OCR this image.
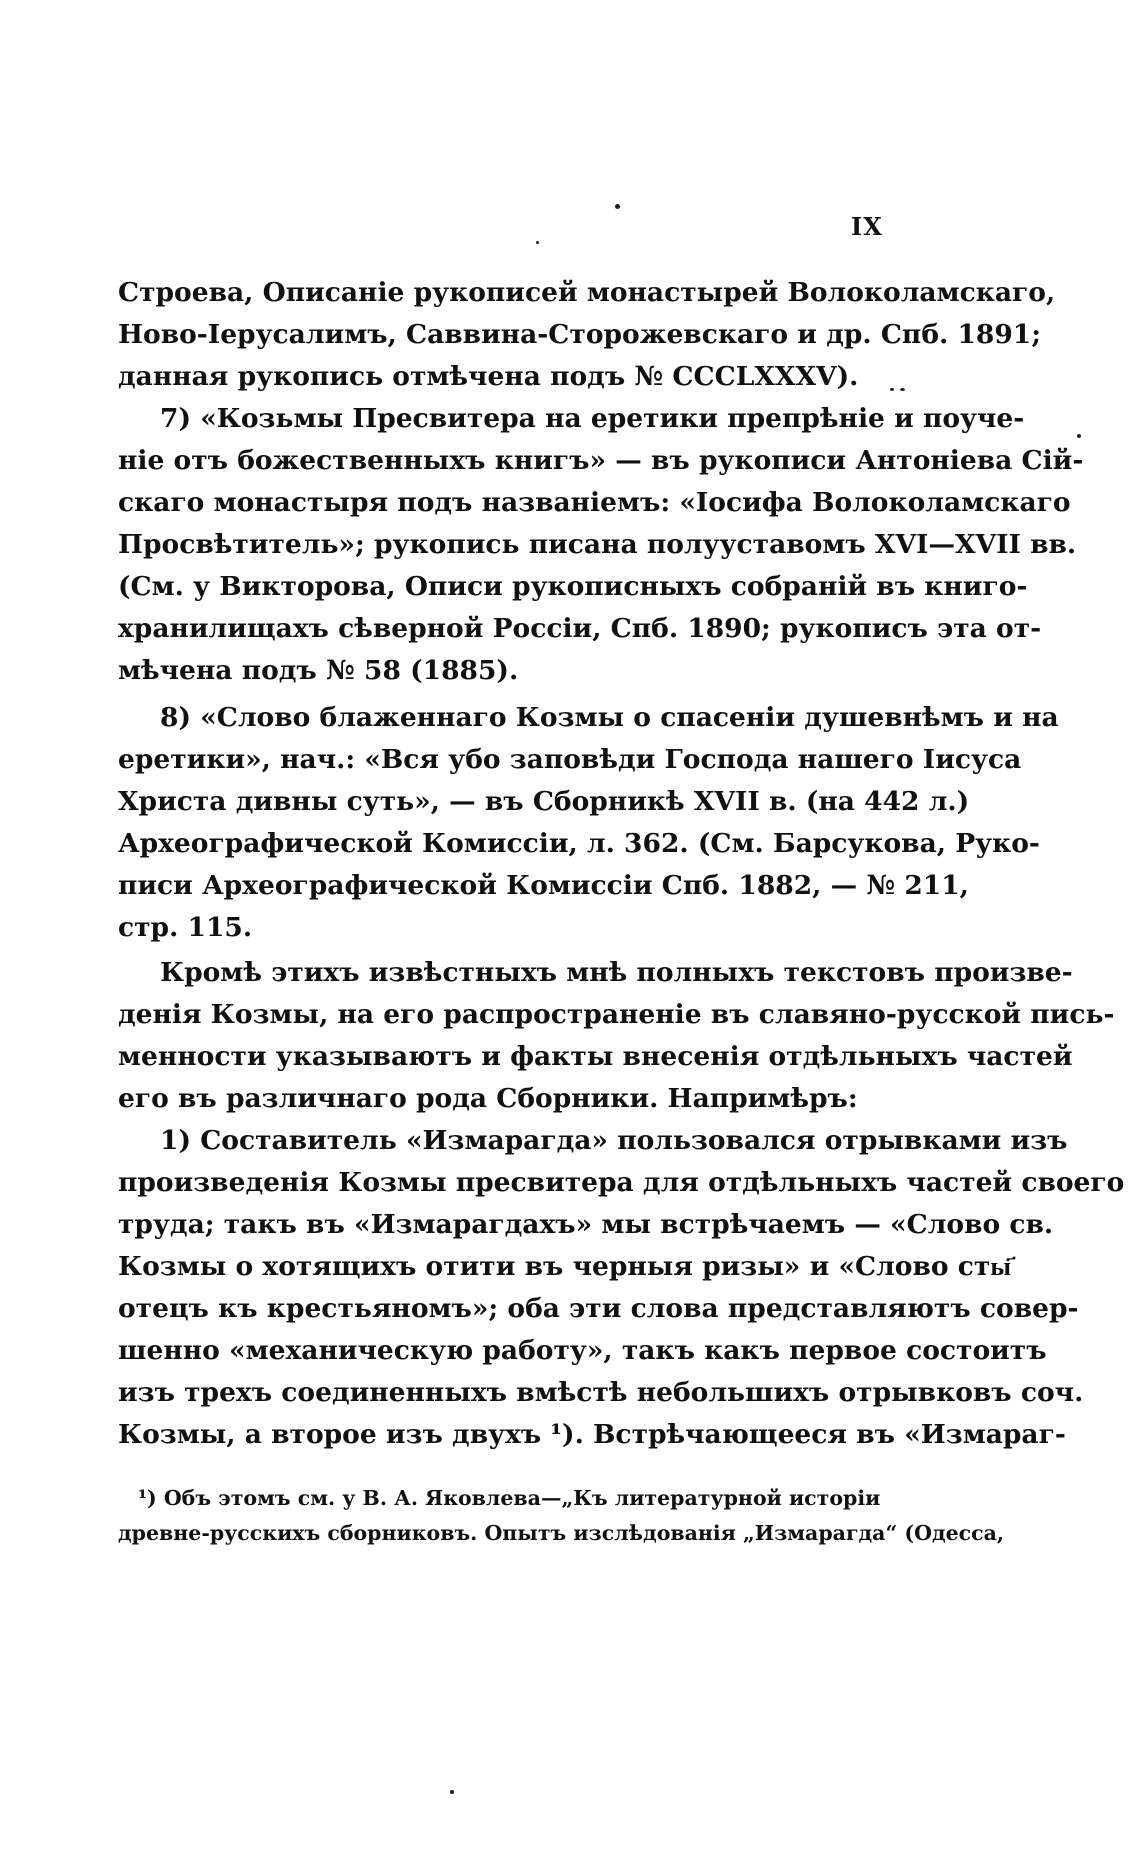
IX
Строева, Описаніе рукописей монастырей Волоколамскаго,
Ново-Іерусалимъ, Саввина-Сторожевскаго и др. Спб. 1891;
данная рукопись отмѣчена подъ № CCCLXXXV).
7) «Козьмы Пресвитера на еретики препрѣніе и поуче-
ніе отъ божественныхъ книгъ» — въ рукописи Антоніева Сій-
скаго монастыря подъ названіемъ: «Іосифа Волоколамскаго
Просвѣтитель»; рукопись писана полууставомъ XVI—XVII вв.
(См. у Викторова, Описи рукописныхъ собраній въ книго-
хранилищахъ сѣверной Россіи, Спб. 1890; рукописъ эта от-
мѣчена подъ № 58 (1885).
8) «Слово блаженнаго Козмы о спасеніи душевнѣмъ и на
еретики», нач.: «Вся убо заповѣди Господа нашего Іисуса
Христа дивны суть», — въ Сборникѣ XVII в. (на 442 л.)
Археографической Комиссіи, л. 362. (См. Барсукова, Руко-
писи Археографической Комиссіи Спб. 1882, — № 211,
стр. 115.
Кромѣ этихъ извѣстныхъ мнѣ полныхъ текстовъ произве-
денія Козмы, на его распространеніе въ славяно-русской пись-
менности указываютъ и факты внесенія отдѣльныхъ частей
его въ различнаго рода Сборники. Напримѣръ:
1) Составитель «Измарагда» пользовался отрывками изъ
произведенія Козмы пресвитера для отдѣльныхъ частей своего
труда; такъ въ «Измарагдахъ» мы встрѣчаемъ — «Слово св.
Козмы о хотящихъ отити въ черныя ризы» и «Слово сты҃
отецъ къ крестьяномъ»; оба эти слова представляютъ совер-
шенно «механическую работу», такъ какъ первое состоитъ
изъ трехъ соединенныхъ вмѣстѣ небольшихъ отрывковъ соч.
Козмы, а второе изъ двухъ ¹). Встрѣчающееся въ «Измараг-
¹) Объ этомъ см. у В. А. Яковлева—„Къ литературной исторіи
древне-русскихъ сборниковъ. Опытъ изслѣдованія „Измарагда“ (Одесса,
